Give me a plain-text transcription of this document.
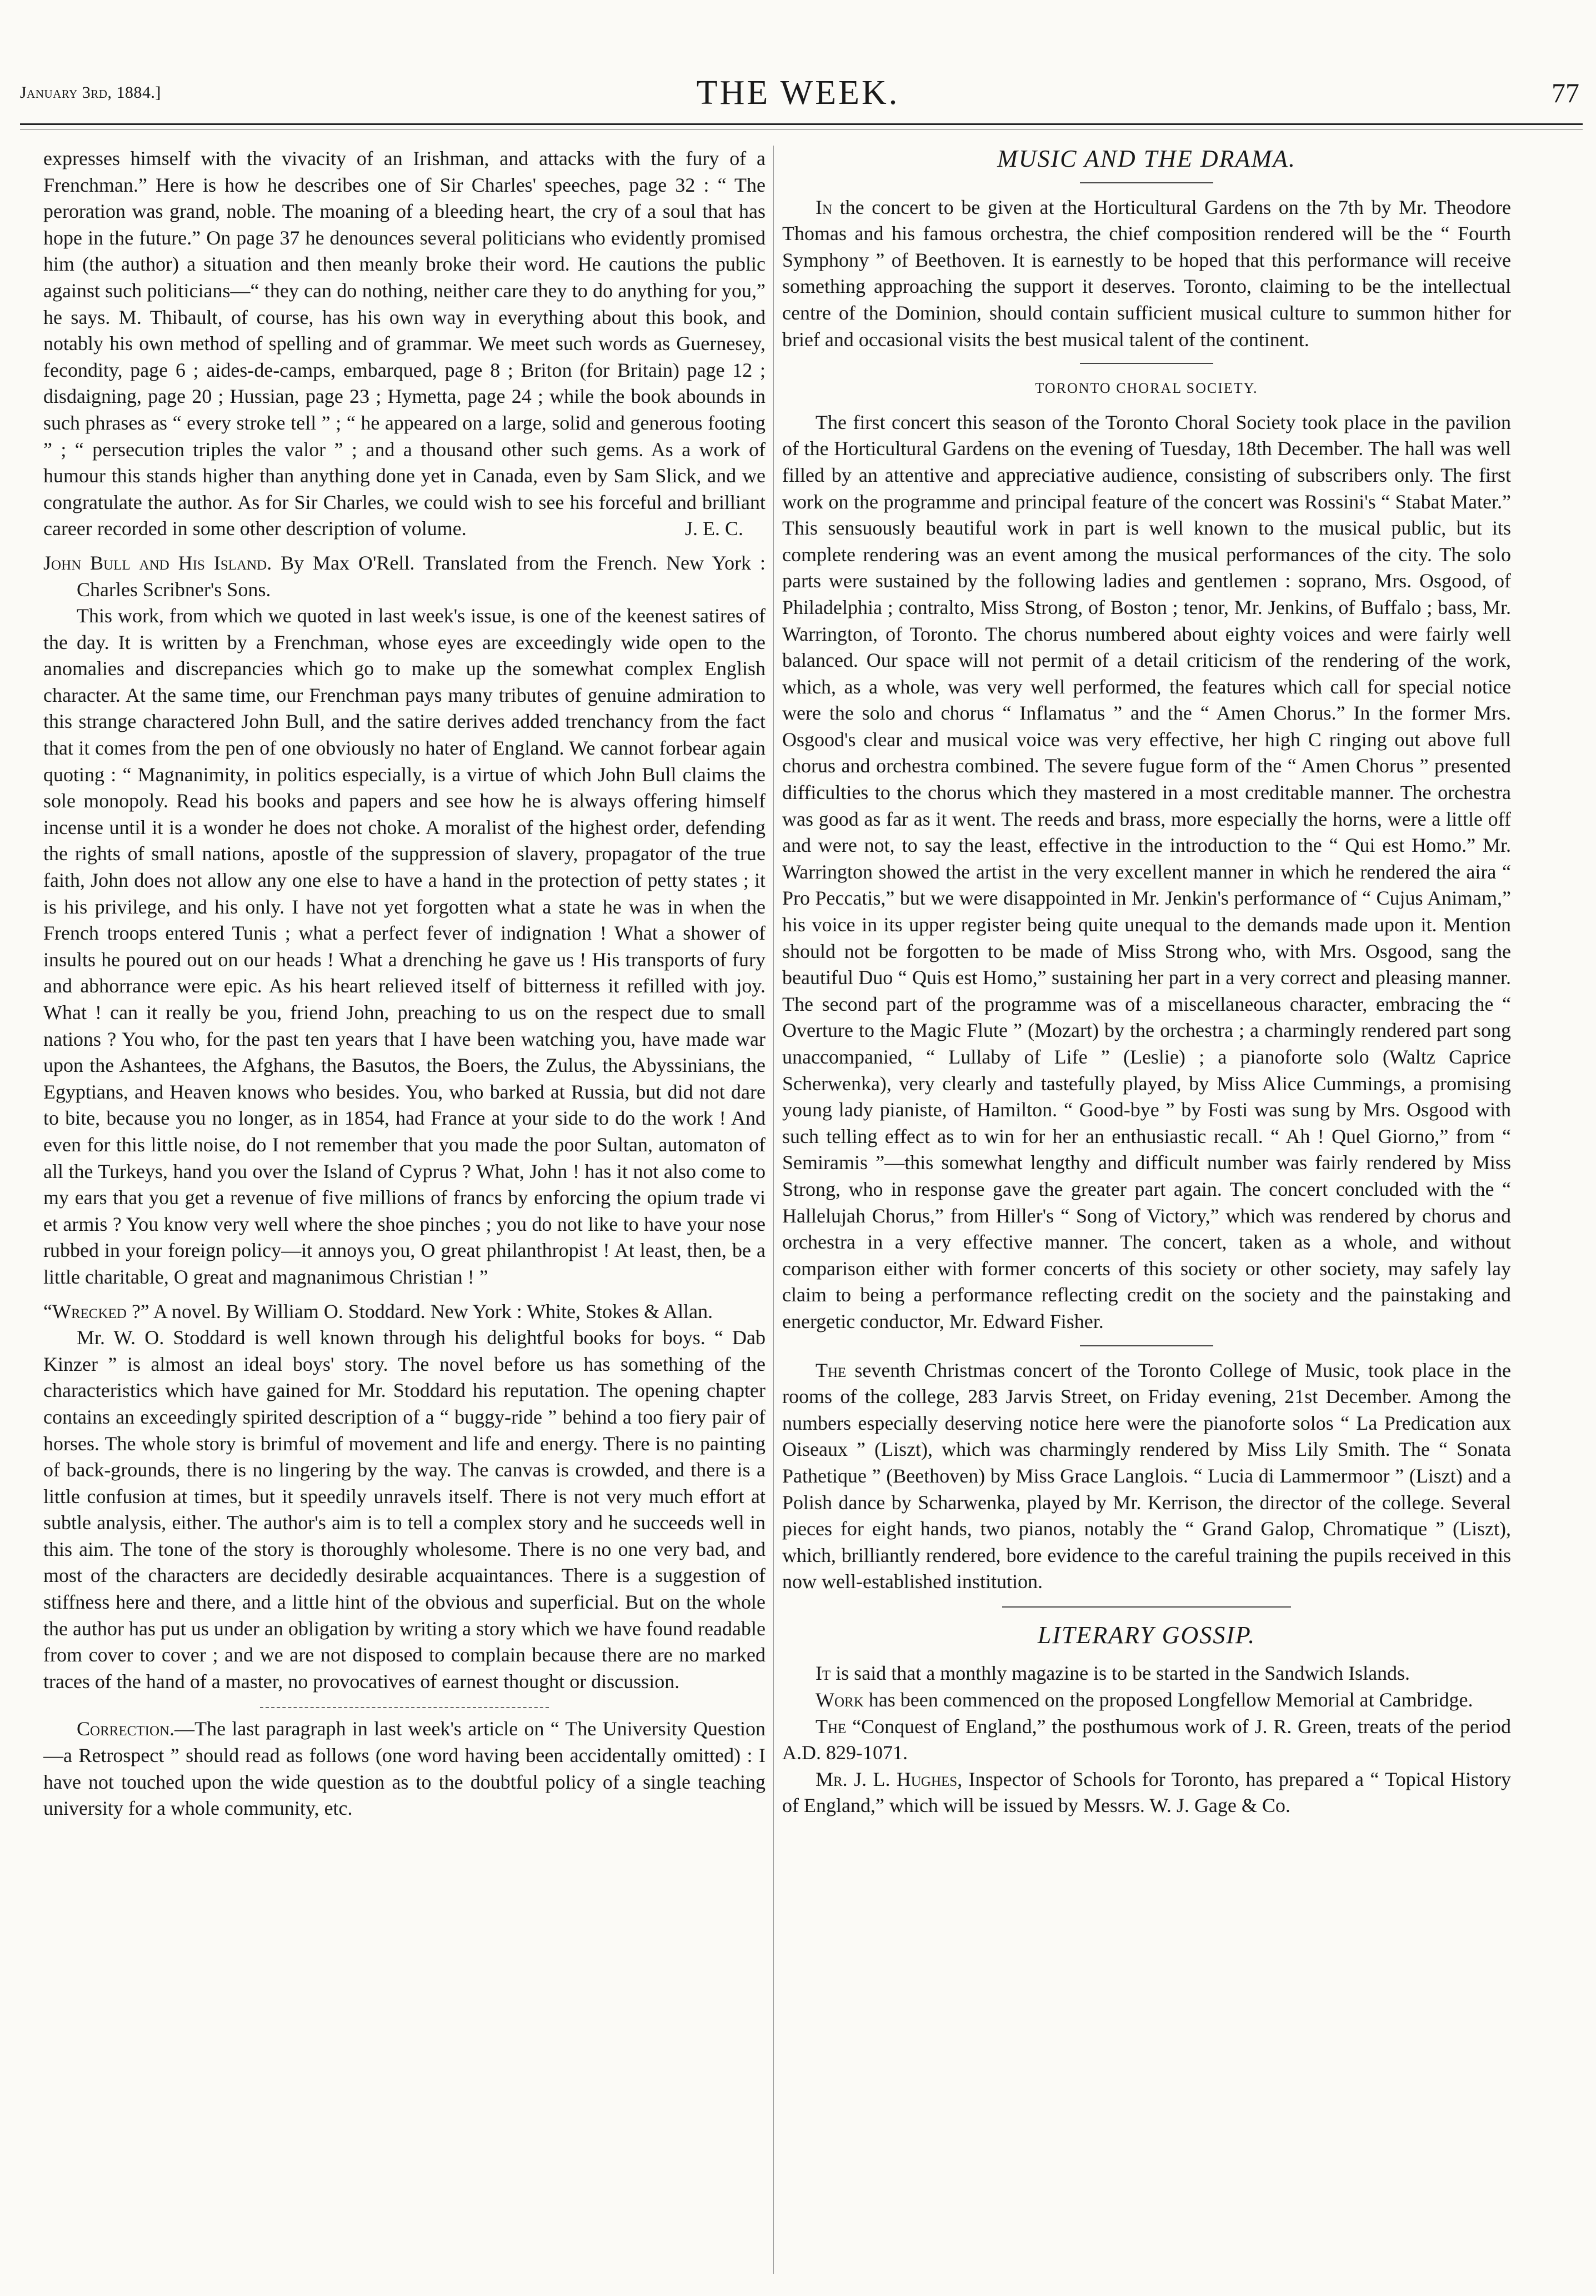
January 3rd, 1884.]	THE WEEK.	77

expresses himself with the vivacity of an Irishman, and attacks with the fury of a Frenchman.” Here is how he describes one of Sir Charles' speeches, page 32 : “ The peroration was grand, noble. The moaning of a bleeding heart, the cry of a soul that has hope in the future.” On page 37 he denounces several politicians who evidently promised him (the author) a situation and then meanly broke their word. He cautions the public against such politicians—“ they can do nothing, neither care they to do anything for you,” he says. M. Thibault, of course, has his own way in everything about this book, and notably his own method of spelling and of grammar. We meet such words as Guernesey, fecondity, page 6 ; aides-de-camps, embarqued, page 8 ; Briton (for Britain) page 12 ; disdaigning, page 20 ; Hussian, page 23 ; Hymetta, page 24 ; while the book abounds in such phrases as “ every stroke tell ” ; “ he appeared on a large, solid and generous footing ” ; “ persecution triples the valor ” ; and a thousand other such gems. As a work of humour this stands higher than anything done yet in Canada, even by Sam Slick, and we congratulate the author. As for Sir Charles, we could wish to see his forceful and brilliant career recorded in some other description of volume.	J. E. C.

John Bull and His Island. By Max O'Rell. Translated from the French. New York : Charles Scribner's Sons.

This work, from which we quoted in last week's issue, is one of the keenest satires of the day. It is written by a Frenchman, whose eyes are exceedingly wide open to the anomalies and discrepancies which go to make up the somewhat complex English character. At the same time, our Frenchman pays many tributes of genuine admiration to this strange charactered John Bull, and the satire derives added trenchancy from the fact that it comes from the pen of one obviously no hater of England. We cannot forbear again quoting : “ Magnanimity, in politics especially, is a virtue of which John Bull claims the sole monopoly. Read his books and papers and see how he is always offering himself incense until it is a wonder he does not choke. A moralist of the highest order, defending the rights of small nations, apostle of the suppression of slavery, propagator of the true faith, John does not allow any one else to have a hand in the protection of petty states ; it is his privilege, and his only. I have not yet forgotten what a state he was in when the French troops entered Tunis ; what a perfect fever of indignation ! What a shower of insults he poured out on our heads ! What a drenching he gave us ! His transports of fury and abhorrance were epic. As his heart relieved itself of bitterness it refilled with joy. What ! can it really be you, friend John, preaching to us on the respect due to small nations ? You who, for the past ten years that I have been watching you, have made war upon the Ashantees, the Afghans, the Basutos, the Boers, the Zulus, the Abyssinians, the Egyptians, and Heaven knows who besides. You, who barked at Russia, but did not dare to bite, because you no longer, as in 1854, had France at your side to do the work ! And even for this little noise, do I not remember that you made the poor Sultan, automaton of all the Turkeys, hand you over the Island of Cyprus ? What, John ! has it not also come to my ears that you get a revenue of five millions of francs by enforcing the opium trade vi et armis ? You know very well where the shoe pinches ; you do not like to have your nose rubbed in your foreign policy—it annoys you, O great philanthropist ! At least, then, be a little charitable, O great and magnanimous Christian ! ”

“Wrecked ?” A novel. By William O. Stoddard. New York : White, Stokes & Allan.

Mr. W. O. Stoddard is well known through his delightful books for boys. “ Dab Kinzer ” is almost an ideal boys' story. The novel before us has something of the characteristics which have gained for Mr. Stoddard his reputation. The opening chapter contains an exceedingly spirited description of a “ buggy-ride ” behind a too fiery pair of horses. The whole story is brimful of movement and life and energy. There is no painting of back-grounds, there is no lingering by the way. The canvas is crowded, and there is a little confusion at times, but it speedily unravels itself. There is not very much effort at subtle analysis, either. The author's aim is to tell a complex story and he succeeds well in this aim. The tone of the story is thoroughly wholesome. There is no one very bad, and most of the characters are decidedly desirable acquaintances. There is a suggestion of stiffness here and there, and a little hint of the obvious and superficial. But on the whole the author has put us under an obligation by writing a story which we have found readable from cover to cover ; and we are not disposed to complain because there are no marked traces of the hand of a master, no provocatives of earnest thought or discussion.

Correction.—The last paragraph in last week's article on “ The University Question—a Retrospect ” should read as follows (one word having been accidentally omitted) : I have not touched upon the wide question as to the doubtful policy of a single teaching university for a whole community, etc.

MUSIC AND THE DRAMA.

In the concert to be given at the Horticultural Gardens on the 7th by Mr. Theodore Thomas and his famous orchestra, the chief composition rendered will be the “ Fourth Symphony ” of Beethoven. It is earnestly to be hoped that this performance will receive something approaching the support it deserves. Toronto, claiming to be the intellectual centre of the Dominion, should contain sufficient musical culture to summon hither for brief and occasional visits the best musical talent of the continent.

TORONTO CHORAL SOCIETY.

The first concert this season of the Toronto Choral Society took place in the pavilion of the Horticultural Gardens on the evening of Tuesday, 18th December. The hall was well filled by an attentive and appreciative audience, consisting of subscribers only. The first work on the programme and principal feature of the concert was Rossini's “ Stabat Mater.” This sensuously beautiful work in part is well known to the musical public, but its complete rendering was an event among the musical performances of the city. The solo parts were sustained by the following ladies and gentlemen : soprano, Mrs. Osgood, of Philadelphia ; contralto, Miss Strong, of Boston ; tenor, Mr. Jenkins, of Buffalo ; bass, Mr. Warrington, of Toronto. The chorus numbered about eighty voices and were fairly well balanced. Our space will not permit of a detail criticism of the rendering of the work, which, as a whole, was very well performed, the features which call for special notice were the solo and chorus “ Inflamatus ” and the “ Amen Chorus.” In the former Mrs. Osgood's clear and musical voice was very effective, her high C ringing out above full chorus and orchestra combined. The severe fugue form of the “ Amen Chorus ” presented difficulties to the chorus which they mastered in a most creditable manner. The orchestra was good as far as it went. The reeds and brass, more especially the horns, were a little off and were not, to say the least, effective in the introduction to the “ Qui est Homo.” Mr. Warrington showed the artist in the very excellent manner in which he rendered the aira “ Pro Peccatis,” but we were disappointed in Mr. Jenkin's performance of “ Cujus Animam,” his voice in its upper register being quite unequal to the demands made upon it. Mention should not be forgotten to be made of Miss Strong who, with Mrs. Osgood, sang the beautiful Duo “ Quis est Homo,” sustaining her part in a very correct and pleasing manner. The second part of the programme was of a miscellaneous character, embracing the “ Overture to the Magic Flute ” (Mozart) by the orchestra ; a charmingly rendered part song unaccompanied, “ Lullaby of Life ” (Leslie) ; a pianoforte solo (Waltz Caprice Scherwenka), very clearly and tastefully played, by Miss Alice Cummings, a promising young lady pianiste, of Hamilton. “ Good-bye ” by Fosti was sung by Mrs. Osgood with such telling effect as to win for her an enthusiastic recall. “ Ah ! Quel Giorno,” from “ Semiramis ”—this somewhat lengthy and difficult number was fairly rendered by Miss Strong, who in response gave the greater part again. The concert concluded with the “ Hallelujah Chorus,” from Hiller's “ Song of Victory,” which was rendered by chorus and orchestra in a very effective manner. The concert, taken as a whole, and without comparison either with former concerts of this society or other society, may safely lay claim to being a performance reflecting credit on the society and the painstaking and energetic conductor, Mr. Edward Fisher.

The seventh Christmas concert of the Toronto College of Music, took place in the rooms of the college, 283 Jarvis Street, on Friday evening, 21st December. Among the numbers especially deserving notice here were the pianoforte solos “ La Predication aux Oiseaux ” (Liszt), which was charmingly rendered by Miss Lily Smith. The “ Sonata Pathetique ” (Beethoven) by Miss Grace Langlois. “ Lucia di Lammermoor ” (Liszt) and a Polish dance by Scharwenka, played by Mr. Kerrison, the director of the college. Several pieces for eight hands, two pianos, notably the “ Grand Galop, Chromatique ” (Liszt), which, brilliantly rendered, bore evidence to the careful training the pupils received in this now well-established institution.

LITERARY GOSSIP.

It is said that a monthly magazine is to be started in the Sandwich Islands.

Work has been commenced on the proposed Longfellow Memorial at Cambridge.

The “Conquest of England,” the posthumous work of J. R. Green, treats of the period A.D. 829-1071.

Mr. J. L. Hughes, Inspector of Schools for Toronto, has prepared a “ Topical History of England,” which will be issued by Messrs. W. J. Gage & Co.
